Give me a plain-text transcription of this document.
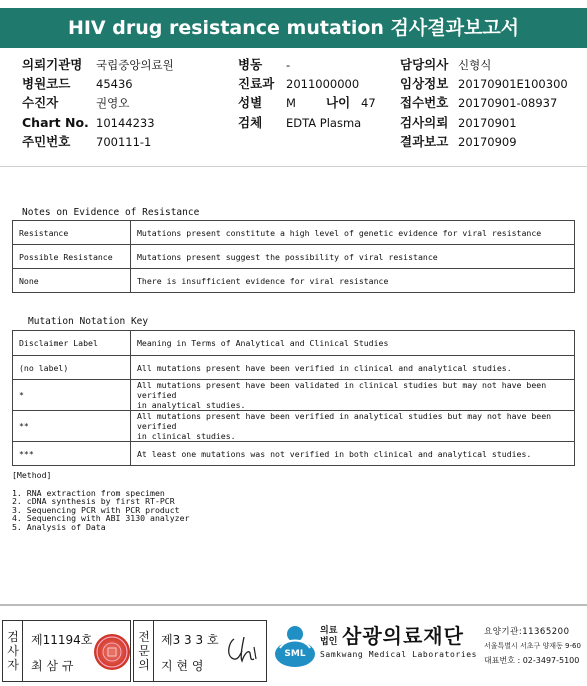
HIV drug resistance mutation 검사결과보고서
의뢰기관명 국립중앙의료원	병동 -	담당의사 신형식
병원코드 45436	진료과 2011000000	임상정보 20170901E100300
수진자	권영오	성별 M 나이 47 접수번호 20170901-08937
Chart No. 10144233	검체 EDTA Plasma	검사의뢰 20170901
주민번호 700111-1	결과보고 20170909
Notes on Evidence of Resistance
Resistance	Mutations present constitute a high level of genetic evidence for viral resistance
Possible Resistance	Mutations present suggest the possibility of viral resistance
None	There is insufficient evidence for viral resistance
Mutation Notation Key
Disclaimer Label	Meaning in Terms of Analytical and Clinical Studies
(no label)	All mutations present have been verified in clinical and analytical studies.

*	All mutations present have been validated in clinical studies but may not have been verified
in analytical studies.

**	All mutations present have been verified in analytical studies but may not have been verified
in clinical studies.

***	At least one mutations was not verified in both clinical and analytical studies.
[Method]
1. RNA extraction from specimen
2. cDNA synthesis by first RT-PCR
3. Sequencing PCR with PCR product
4. Sequencing with ABI 3130 analyzer
5. Analysis of Data
검
사
자
제11194호
최 삼 규
전
문
의
제3 3 3 호
지 현 영
SML
의료
법인 삼광의료재단
Samkwang Medical Laboratories
요양기관:11365200
서울특별시 서초구 양재동 9-60
대표번호 : 02-3497-5100
